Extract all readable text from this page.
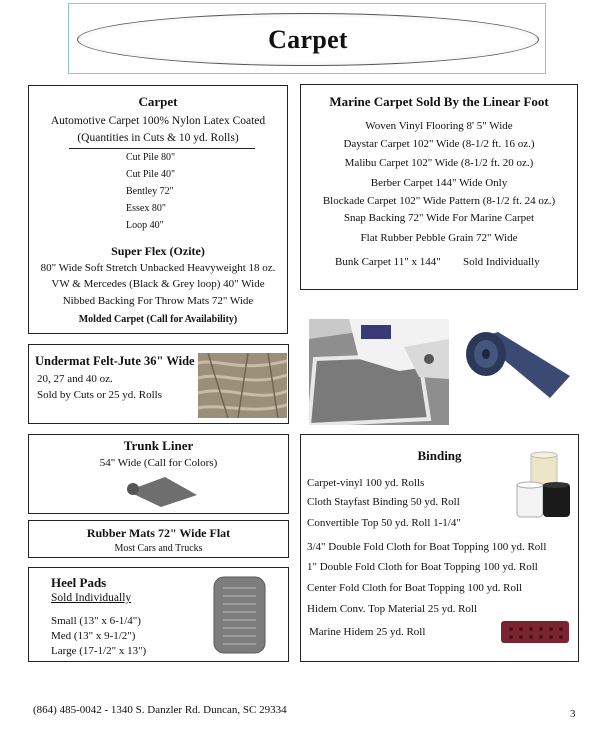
Carpet
Carpet
Automotive Carpet 100% Nylon Latex Coated
(Quantities in Cuts & 10 yd. Rolls)
Cut Pile 80"
Cut Pile 40"
Bentley 72"
Essex 80"
Loop 40"
Super Flex (Ozite)
80" Wide Soft Stretch Unbacked Heavyweight 18 oz.
VW & Mercedes (Black & Grey loop) 40" Wide
Nibbed Backing For Throw Mats 72" Wide
Molded Carpet (Call for Availability)
Marine Carpet Sold By the Linear Foot
Woven Vinyl Flooring 8' 5" Wide
Daystar Carpet 102" Wide (8-1/2 ft. 16 oz.)
Malibu Carpet 102" Wide (8-1/2 ft. 20 oz.)
Berber Carpet 144" Wide Only
Blockade Carpet 102" Wide Pattern (8-1/2 ft. 24 oz.)
Snap Backing 72" Wide For Marine Carpet
Flat Rubber Pebble Grain 72" Wide
Bunk Carpet 11" x 144" Sold Individually
Undermat Felt-Jute 36" Wide
20, 27 and 40 oz.
Sold by Cuts or 25 yd. Rolls
Trunk Liner
54" Wide (Call for Colors)
Rubber Mats 72" Wide Flat
Most Cars and Trucks
Heel Pads
Sold Individually
Small (13" x 6-1/4")
Med (13" x 9-1/2")
Large (17-1/2" x 13")
Binding
Carpet-vinyl 100 yd. Rolls
Cloth Stayfast Binding 50 yd. Roll
Convertible Top 50 yd. Roll 1-1/4"
3/4" Double Fold Cloth for Boat Topping 100 yd. Roll
1" Double Fold Cloth for Boat Topping 100 yd. Roll
Center Fold Cloth for Boat Topping 100 yd. Roll
Hidem Conv. Top Material 25 yd. Roll
Marine Hidem 25 yd. Roll
(864) 485-0042 - 1340 S. Danzler Rd. Duncan, SC 29334	3
